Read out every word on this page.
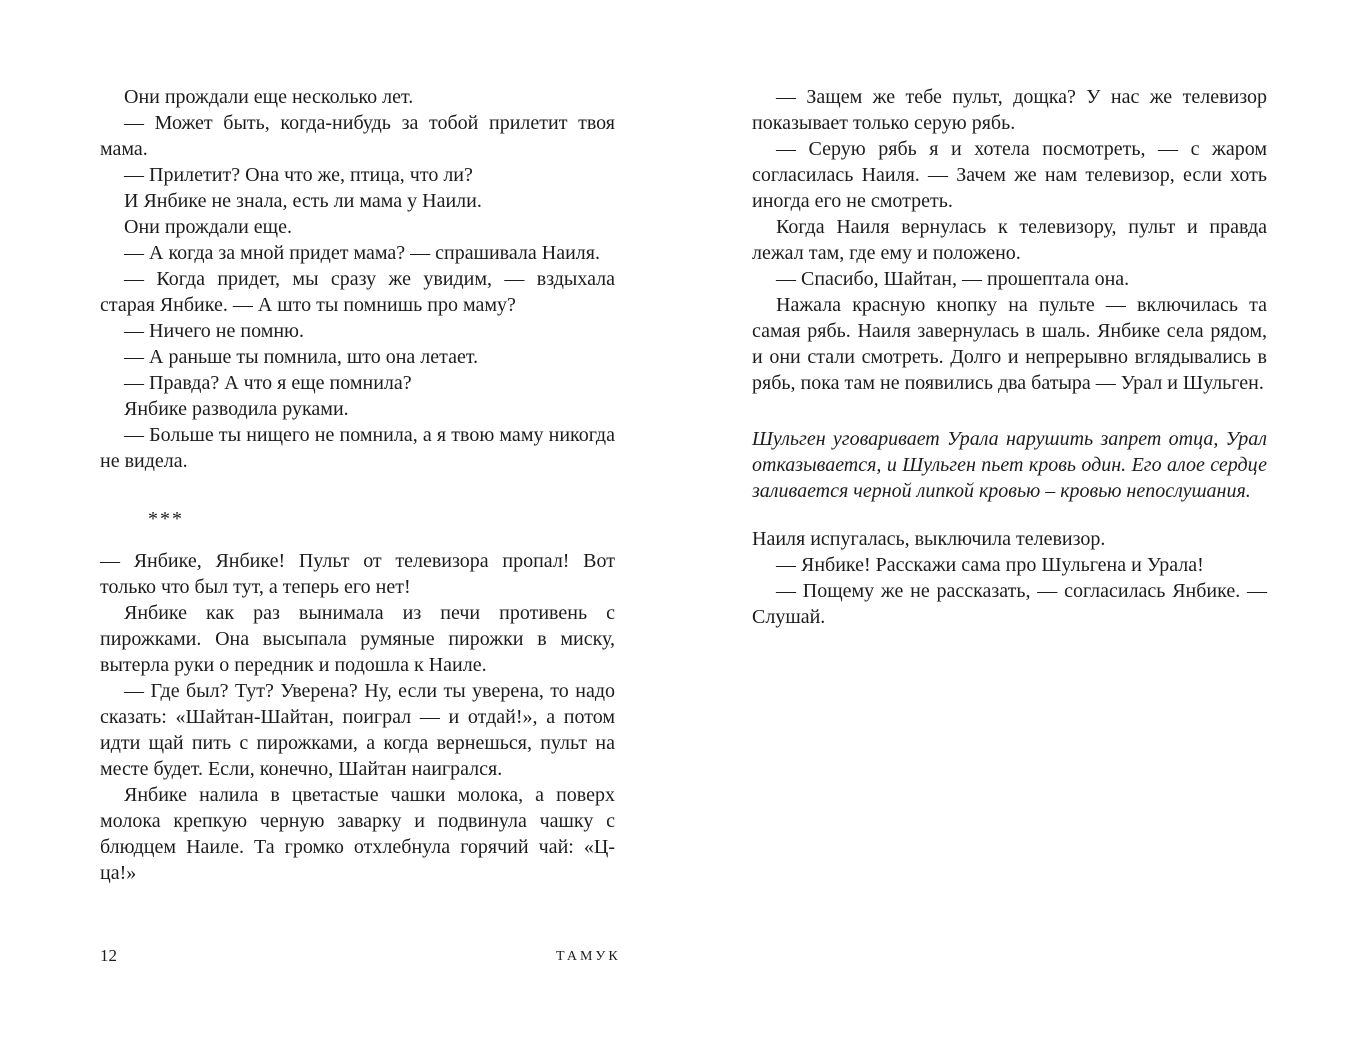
Они прождали еще несколько лет.

— Может быть, когда-нибудь за тобой прилетит твоя мама.

— Прилетит? Она что же, птица, что ли?

И Янбике не знала, есть ли мама у Наили.

Они прождали еще.

— А когда за мной придет мама? — спрашивала Наиля.

— Когда придет, мы сразу же увидим, — вздыхала старая Янбике. — А што ты помнишь про маму?

— Ничего не помню.

— А раньше ты помнила, што она летает.

— Правда? А что я еще помнила?

Янбике разводила руками.

— Больше ты нищего не помнила, а я твою маму никогда не видела.

***

— Янбике, Янбике! Пульт от телевизора пропал! Вот только что был тут, а теперь его нет!

Янбике как раз вынимала из печи противень с пирожками. Она высыпала румяные пирожки в миску, вытерла руки о передник и подошла к Наиле.

— Где был? Тут? Уверена? Ну, если ты уверена, то надо сказать: «Шайтан-Шайтан, поиграл — и отдай!», а потом идти щай пить с пирожками, а когда вернешься, пульт на месте будет. Если, конечно, Шайтан наигрался.

Янбике налила в цветастые чашки молока, а поверх молока крепкую черную заварку и подвинула чашку с блюдцем Наиле. Та громко отхлебнула горячий чай: «Ц-ца!»

— Защем же тебе пульт, дощка? У нас же телевизор показывает только серую рябь.

— Серую рябь я и хотела посмотреть, — с жаром согласилась Наиля. — Зачем же нам телевизор, если хоть иногда его не смотреть.

Когда Наиля вернулась к телевизору, пульт и правда лежал там, где ему и положено.

— Спасибо, Шайтан, — прошептала она.

Нажала красную кнопку на пульте — включилась та самая рябь. Наиля завернулась в шаль. Янбике села рядом, и они стали смотреть. Долго и непрерывно вглядывались в рябь, пока там не появились два батыра — Урал и Шульген.

Шульген уговаривает Урала нарушить запрет отца, Урал отказывается, и Шульген пьет кровь один. Его алое сердце заливается черной липкой кровью – кровью непослушания.

Наиля испугалась, выключила телевизор.

— Янбике! Расскажи сама про Шульгена и Урала!

— Пощему же не рассказать, — согласилась Янбике. — Слушай.

12	ТАМУК
